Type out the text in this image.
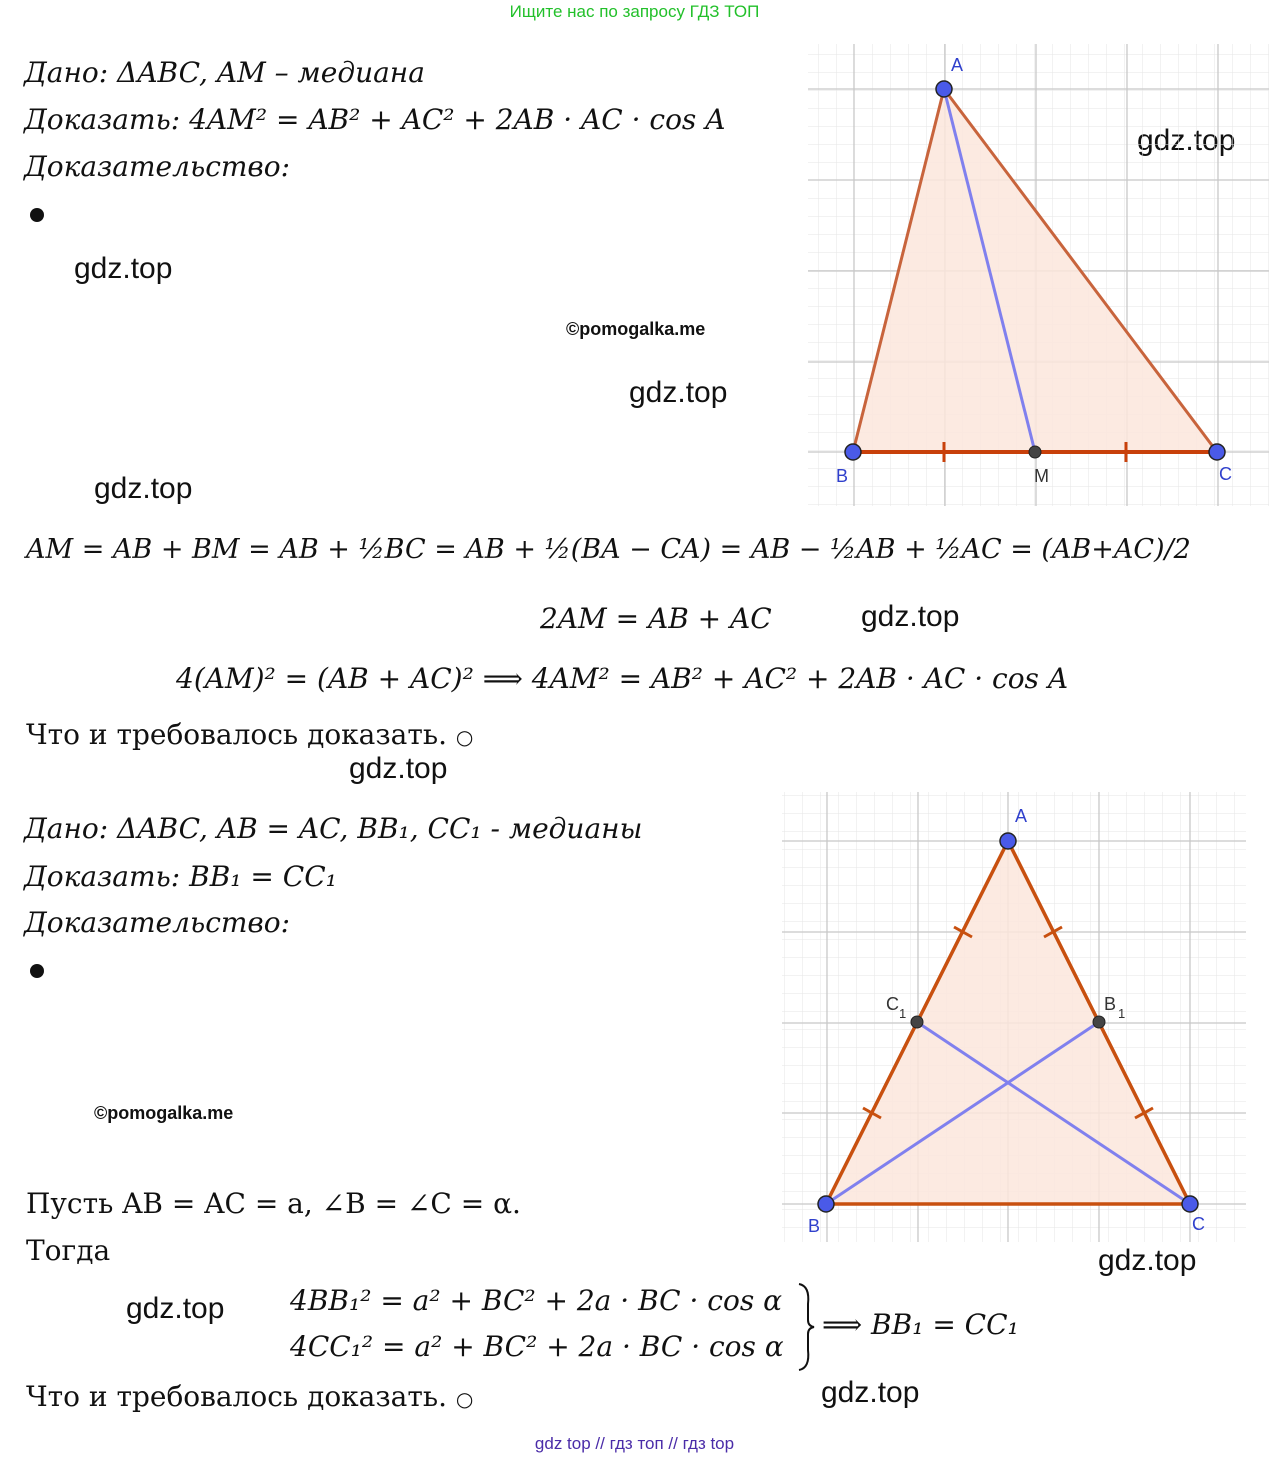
Ищите нас по запросу ГДЗ ТОП
Дано: ΔABC, AM – медиана
Доказать: 4AM² = AB² + AC² + 2AB · AC · cos A
Доказательство:
gdz.top
©pomogalka.me
gdz.top
gdz.top
A
B	C
M
AM = AB + BM = AB + ½BC = AB + ½(BA − CA) = AB − ½AB + ½AC = (AB+AC)/2
2AM = AB + AC	gdz.top
4(AM)² = (AB + AC)² ⟹ 4AM² = AB² + AC² + 2AB · AC · cos A
Что и требовалось доказать. ○
gdz.top
Дано: ΔABC, AB = AC, BB₁, CC₁ - медианы
Доказать: BB₁ = CC₁
Доказательство:
©pomogalka.me
A
B	C
C 1	B 1
Пусть AB = AC = a, ∠B = ∠C = α.
Тогда	gdz.top
gdz.top 4BB₁² = a² + BC² + 2a · BC · cos α
4CC₁² = a² + BC² + 2a · BC · cos α
⟹ BB₁ = CC₁
Что и требовалось доказать. ○	gdz.top
gdz top // гдз топ // гдз top
